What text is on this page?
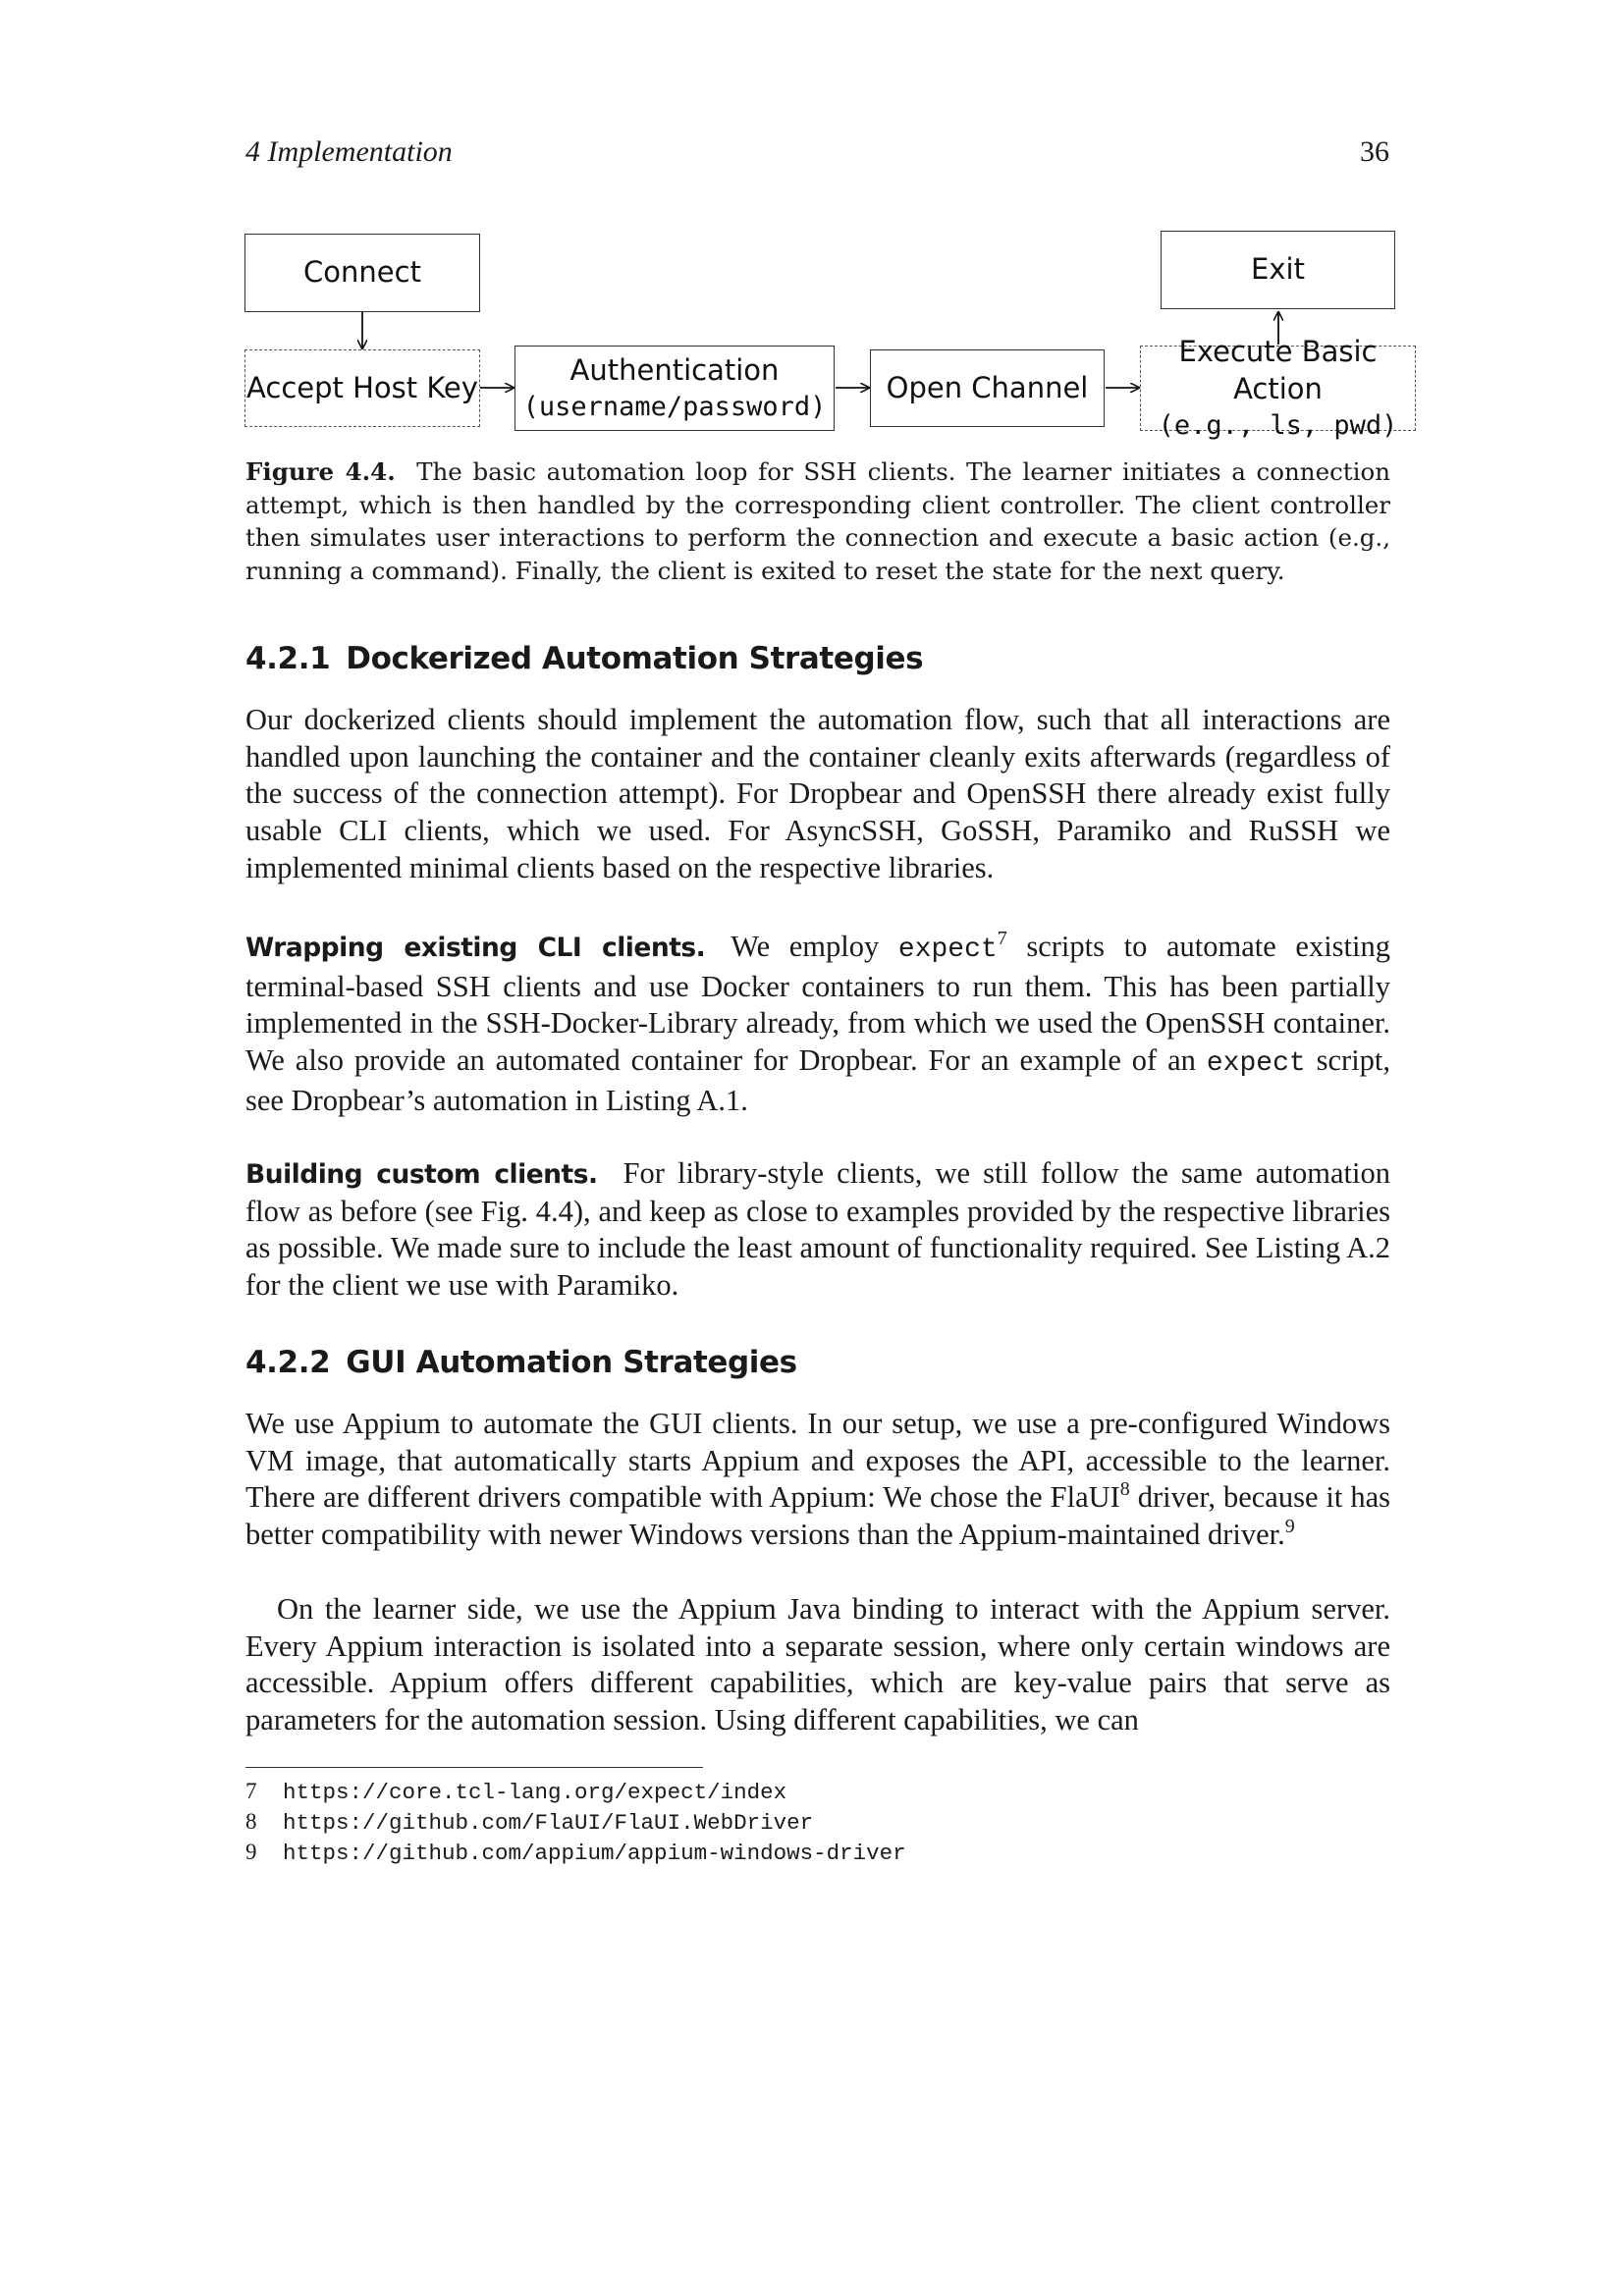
4 Implementation	36
Connect
Accept Host Key
Authentication
(username/password)
Open Channel
Execute Basic Action
(e.g., ls, pwd)
Exit

Figure 4.4. The basic automation loop for SSH clients. The learner initiates a connection attempt, which is then handled by the corresponding client controller. The client controller then simulates user interactions to perform the connection and execute a basic action (e.g., running a command). Finally, the client is exited to reset the state for the next query.

4.2.1 Dockerized Automation Strategies

Our dockerized clients should implement the automation flow, such that all interactions are handled upon launching the container and the container cleanly exits afterwards (regardless of the success of the connection attempt). For Dropbear and OpenSSH there already exist fully usable CLI clients, which we used. For AsyncSSH, GoSSH, Paramiko and RuSSH we implemented minimal clients based on the respective libraries.

Wrapping existing CLI clients. We employ expect$^7$ scripts to automate existing terminal-based SSH clients and use Docker containers to run them. This has been partially implemented in the SSH-Docker-Library already, from which we used the OpenSSH container. We also provide an automated container for Dropbear. For an example of an expect script, see Dropbear’s automation in Listing A.1.

Building custom clients. For library-style clients, we still follow the same automation flow as before (see Fig. 4.4), and keep as close to examples provided by the respective libraries as possible. We made sure to include the least amount of functionality required. See Listing A.2 for the client we use with Paramiko.

4.2.2 GUI Automation Strategies

We use Appium to automate the GUI clients. In our setup, we use a pre-configured Windows VM image, that automatically starts Appium and exposes the API, accessible to the learner. There are different drivers compatible with Appium: We chose the FlaUI$^8$ driver, because it has better compatibility with newer Windows versions than the Appium-maintained driver.$^9$

On the learner side, we use the Appium Java binding to interact with the Appium server. Every Appium interaction is isolated into a separate session, where only certain windows are accessible. Appium offers different capabilities, which are key-value pairs that serve as parameters for the automation session. Using different capabilities, we can

7 https://core.tcl-lang.org/expect/index
8 https://github.com/FlaUI/FlaUI.WebDriver
9 https://github.com/appium/appium-windows-driver
